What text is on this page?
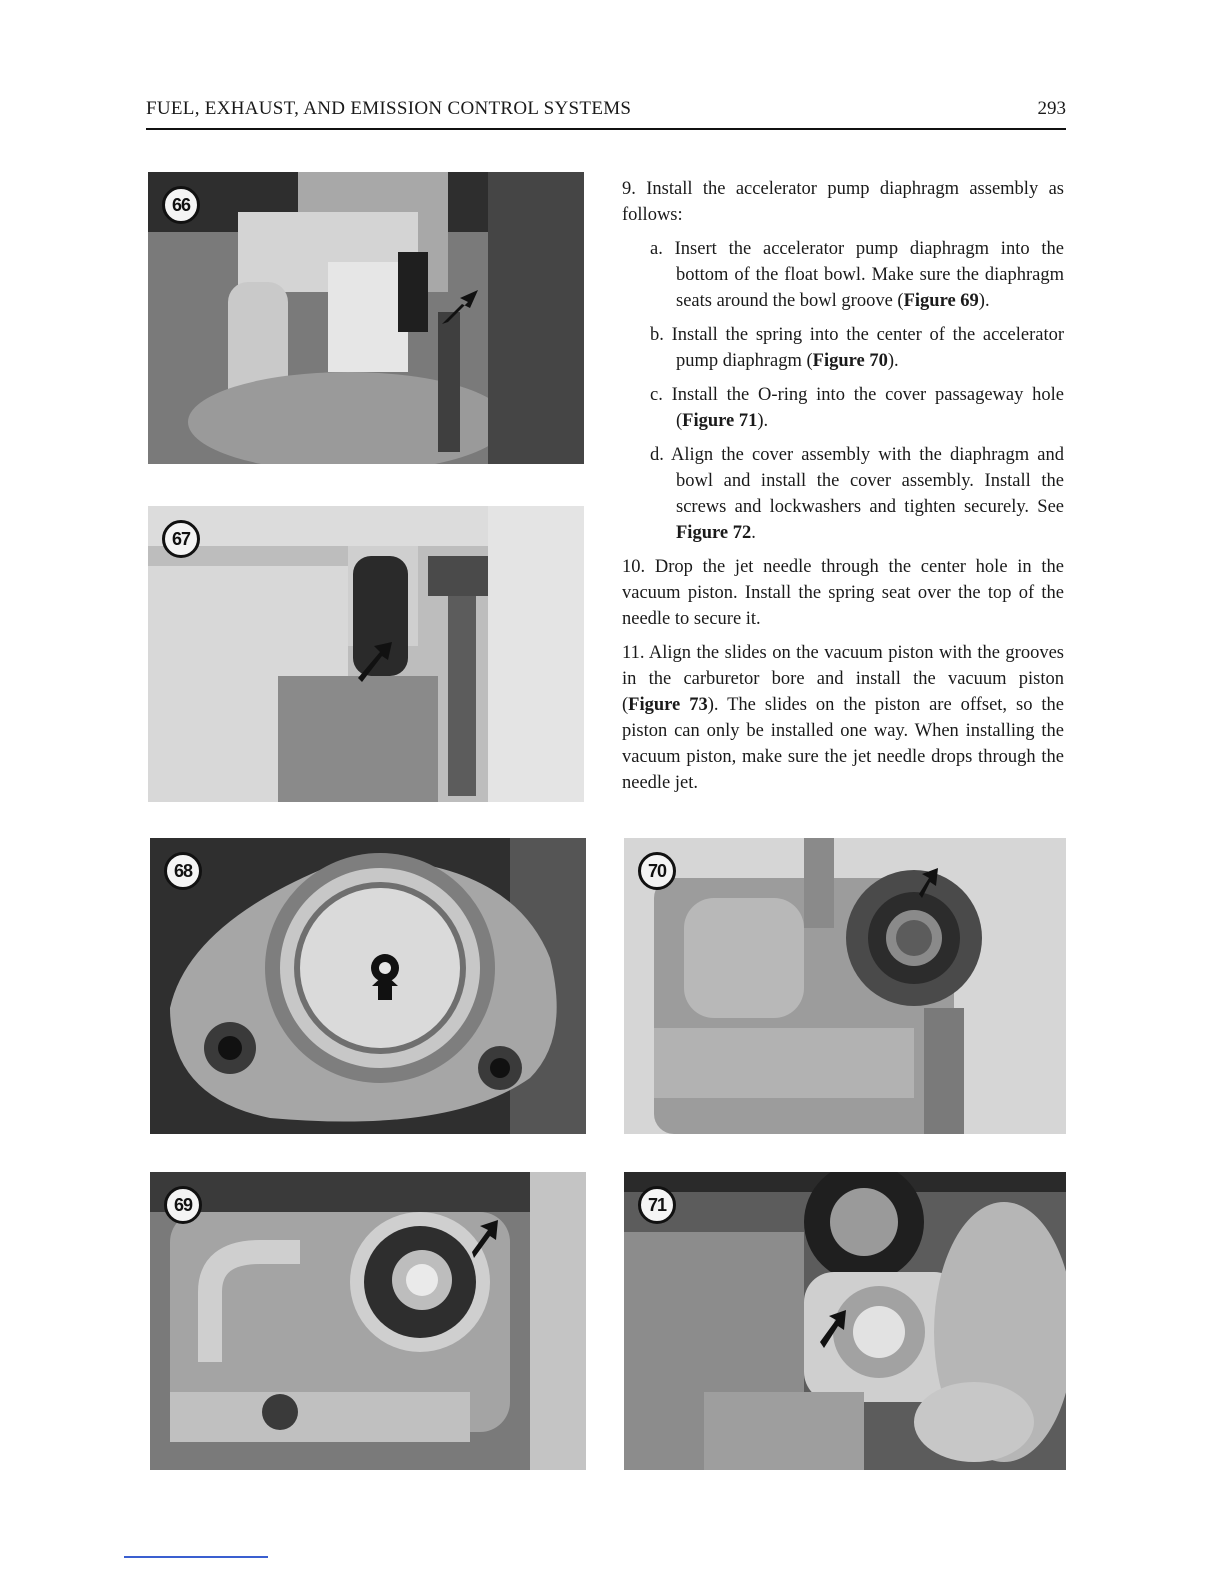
FUEL, EXHAUST, AND EMISSION CONTROL SYSTEMS	293
66
67

9. Install the accelerator pump diaphragm assembly as follows:

a. Insert the accelerator pump diaphragm into the bottom of the float bowl. Make sure the diaphragm seats around the bowl groove (Figure 69).

b. Install the spring into the center of the accelerator pump diaphragm (Figure 70).

c. Install the O-ring into the cover passageway hole (Figure 71).

d. Align the cover assembly with the diaphragm and bowl and install the cover assembly. Install the screws and lockwashers and tighten securely. See Figure 72.

10. Drop the jet needle through the center hole in the vacuum piston. Install the spring seat over the top of the needle to secure it.

11. Align the slides on the vacuum piston with the grooves in the carburetor bore and install the vacuum piston (Figure 73). The slides on the piston are offset, so the piston can only be installed one way. When installing the vacuum piston, make sure the jet needle drops through the needle jet.

68	70
69	71
